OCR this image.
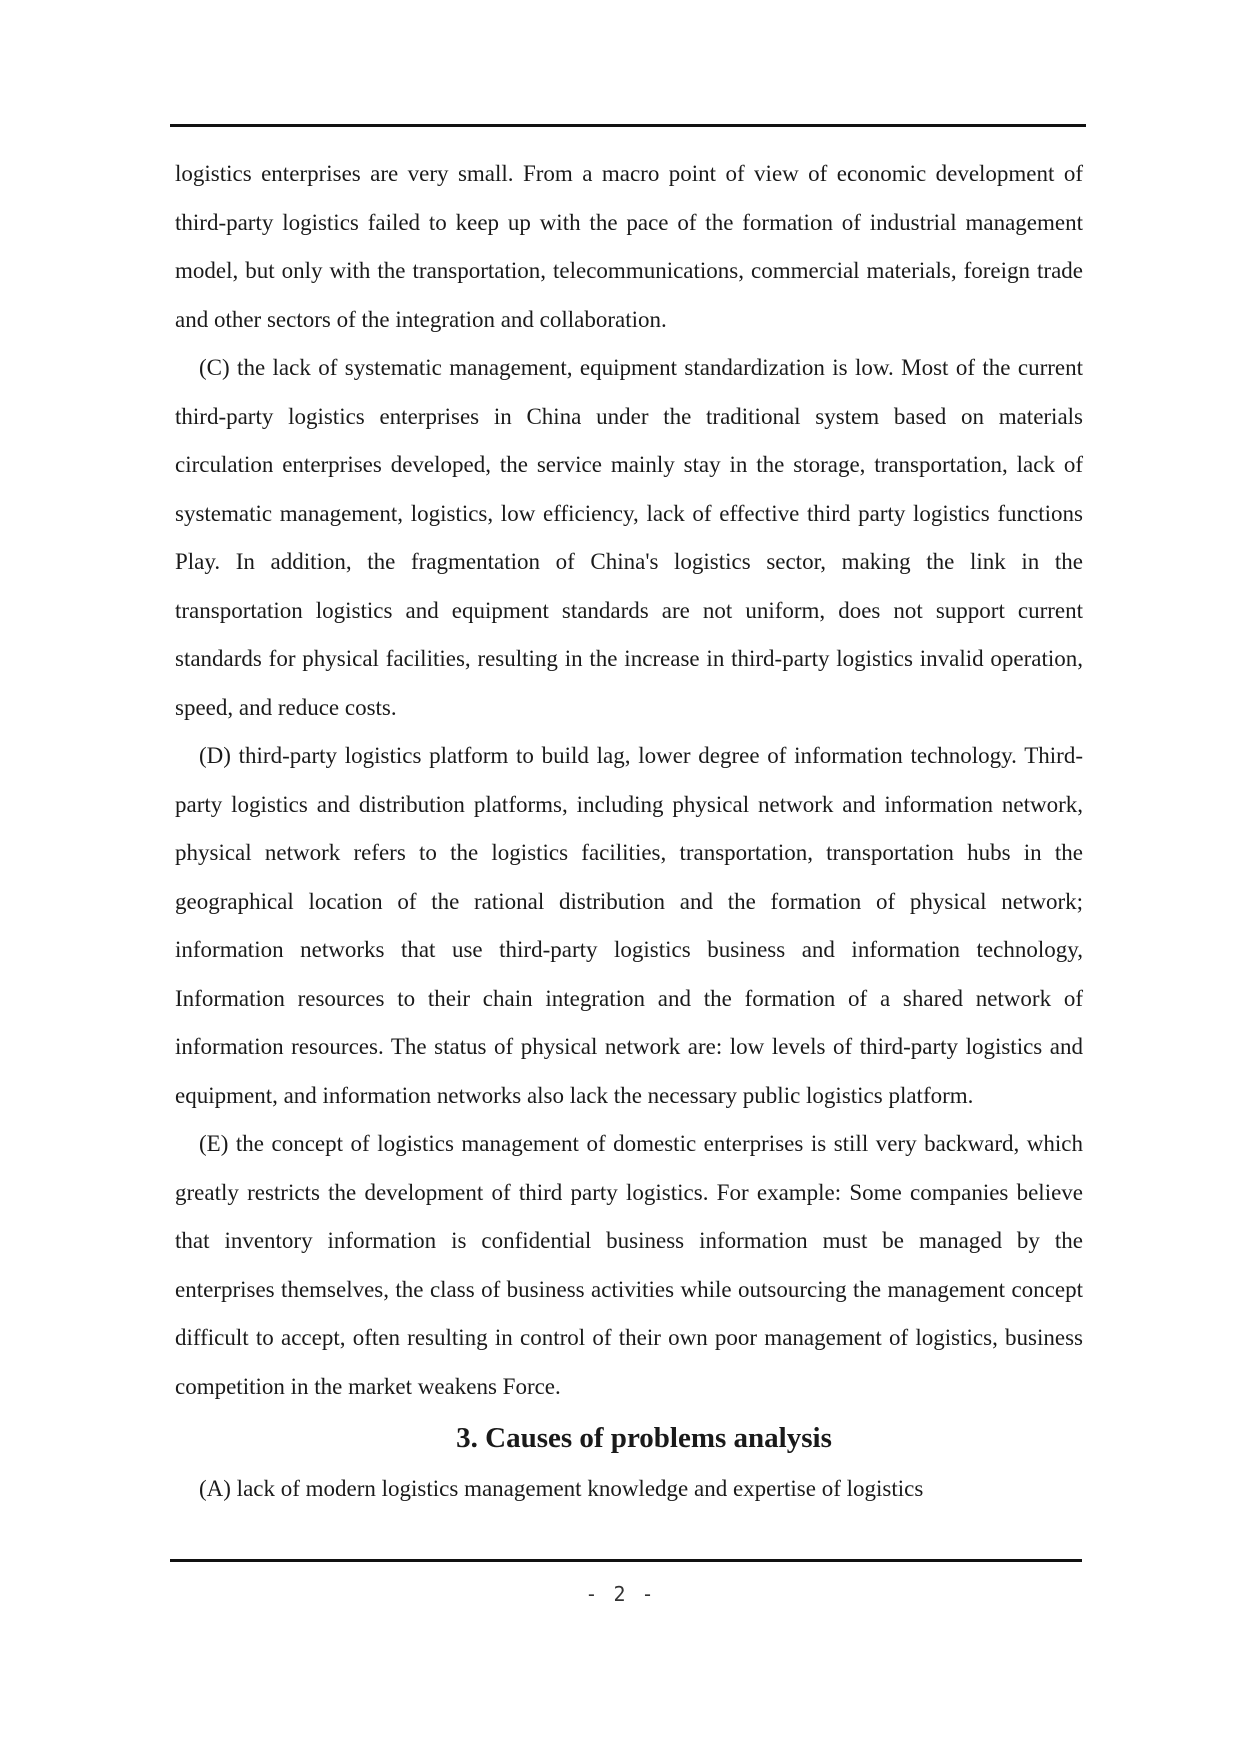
logistics enterprises are very small. From a macro point of view of economic development of third-party logistics failed to keep up with the pace of the formation of industrial management model, but only with the transportation, telecommunications, commercial materials, foreign trade and other sectors of the integration and collaboration.

(C) the lack of systematic management, equipment standardization is low. Most of the current third-party logistics enterprises in China under the traditional system based on materials circulation enterprises developed, the service mainly stay in the storage, transportation, lack of systematic management, logistics, low efficiency, lack of effective third party logistics functions Play. In addition, the fragmentation of China's logistics sector, making the link in the transportation logistics and equipment standards are not uniform, does not support current standards for physical facilities, resulting in the increase in third-party logistics invalid operation, speed, and reduce costs.

(D) third-party logistics platform to build lag, lower degree of information technology. Third-party logistics and distribution platforms, including physical network and information network, physical network refers to the logistics facilities, transportation, transportation hubs in the geographical location of the rational distribution and the formation of physical network; information networks that use third-party logistics business and information technology, Information resources to their chain integration and the formation of a shared network of information resources. The status of physical network are: low levels of third-party logistics and equipment, and information networks also lack the necessary public logistics platform.

(E) the concept of logistics management of domestic enterprises is still very backward, which greatly restricts the development of third party logistics. For example: Some companies believe that inventory information is confidential business information must be managed by the enterprises themselves, the class of business activities while outsourcing the management concept difficult to accept, often resulting in control of their own poor management of logistics, business competition in the market weakens Force.

3. Causes of problems analysis

(A) lack of modern logistics management knowledge and expertise of logistics

- 2 -
